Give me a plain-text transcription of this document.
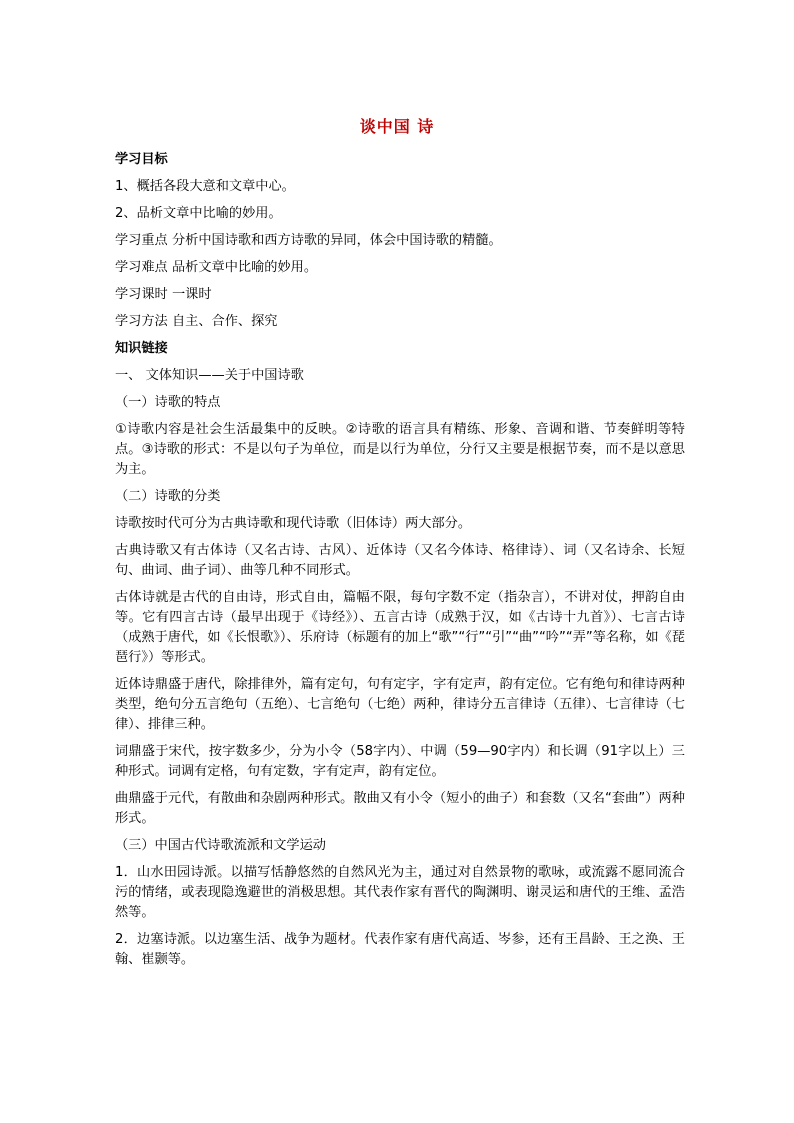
谈中国 诗

学习目标

1、概括各段大意和文章中心。

2、品析文章中比喻的妙用。

学习重点 分析中国诗歌和西方诗歌的异同，体会中国诗歌的精髓。

学习难点 品析文章中比喻的妙用。

学习课时 一课时

学习方法 自主、合作、探究

知识链接

一、 文体知识——关于中国诗歌

（一）诗歌的特点

①诗歌内容是社会生活最集中的反映。②诗歌的语言具有精练、形象、音调和谐、节奏鲜明等特点。③诗歌的形式：不是以句子为单位，而是以行为单位，分行又主要是根据节奏，而不是以意思为主。

（二）诗歌的分类

诗歌按时代可分为古典诗歌和现代诗歌（旧体诗）两大部分。

古典诗歌又有古体诗（又名古诗、古风）、近体诗（又名今体诗、格律诗）、词（又名诗余、长短句、曲词、曲子词）、曲等几种不同形式。

古体诗就是古代的自由诗，形式自由，篇幅不限，每句字数不定（指杂言），不讲对仗，押韵自由等。它有四言古诗（最早出现于《诗经》）、五言古诗（成熟于汉，如《古诗十九首》）、七言古诗（成熟于唐代，如《长恨歌》）、乐府诗（标题有的加上“歌”“行”“引”“曲”“吟”“弄”等名称，如《琵琶行》）等形式。

近体诗鼎盛于唐代，除排律外，篇有定句，句有定字，字有定声，韵有定位。它有绝句和律诗两种类型，绝句分五言绝句（五绝）、七言绝句（七绝）两种，律诗分五言律诗（五律）、七言律诗（七律）、排律三种。

词鼎盛于宋代，按字数多少，分为小令（58字内）、中调（59—90字内）和长调（91字以上）三种形式。词调有定格，句有定数，字有定声，韵有定位。

曲鼎盛于元代，有散曲和杂剧两种形式。散曲又有小令（短小的曲子）和套数（又名“套曲”）两种形式。

（三）中国古代诗歌流派和文学运动

1．山水田园诗派。以描写恬静悠然的自然风光为主，通过对自然景物的歌咏，或流露不愿同流合污的情绪，或表现隐逸避世的消极思想。其代表作家有晋代的陶渊明、谢灵运和唐代的王维、孟浩然等。

2．边塞诗派。以边塞生活、战争为题材。代表作家有唐代高适、岑参，还有王昌龄、王之涣、王翰、崔颢等。
